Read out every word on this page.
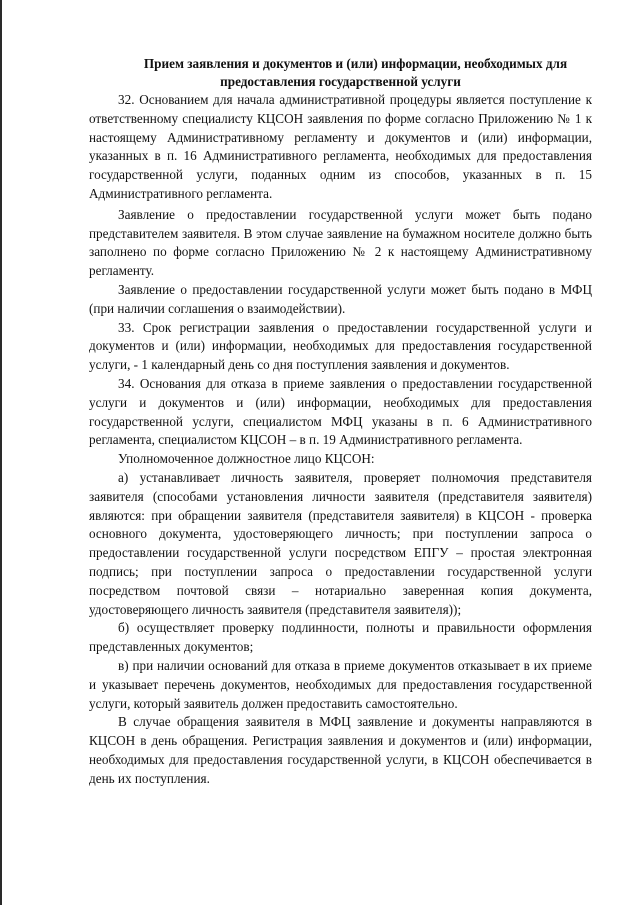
Прием заявления и документов и (или) информации, необходимых для предоставления государственной услуги

32. Основанием для начала административной процедуры является поступление к ответственному специалисту КЦСОН заявления по форме согласно Приложению № 1 к настоящему Административному регламенту и документов и (или) информации, указанных в п. 16 Административного регламента, необходимых для предоставления государственной услуги, поданных одним из способов, указанных в п. 15 Административного регламента.

Заявление о предоставлении государственной услуги может быть подано представителем заявителя. В этом случае заявление на бумажном носителе должно быть заполнено по форме согласно Приложению № 2 к настоящему Административному регламенту.

Заявление о предоставлении государственной услуги может быть подано в МФЦ (при наличии соглашения о взаимодействии).

33. Срок регистрации заявления о предоставлении государственной услуги и документов и (или) информации, необходимых для предоставления государственной услуги, - 1 календарный день со дня поступления заявления и документов.

34. Основания для отказа в приеме заявления о предоставлении государственной услуги и документов и (или) информации, необходимых для предоставления государственной услуги, специалистом МФЦ указаны в п. 6 Административного регламента, специалистом КЦСОН – в п. 19 Административного регламента.

Уполномоченное должностное лицо КЦСОН:

а) устанавливает личность заявителя, проверяет полномочия представителя заявителя (способами установления личности заявителя (представителя заявителя) являются: при обращении заявителя (представителя заявителя) в КЦСОН - проверка основного документа, удостоверяющего личность; при поступлении запроса о предоставлении государственной услуги посредством ЕПГУ – простая электронная подпись; при поступлении запроса о предоставлении государственной услуги посредством почтовой связи – нотариально заверенная копия документа, удостоверяющего личность заявителя (представителя заявителя));

б) осуществляет проверку подлинности, полноты и правильности оформления представленных документов;

в) при наличии оснований для отказа в приеме документов отказывает в их приеме и указывает перечень документов, необходимых для предоставления государственной услуги, который заявитель должен предоставить самостоятельно.

В случае обращения заявителя в МФЦ заявление и документы направляются в КЦСОН в день обращения. Регистрация заявления и документов и (или) информации, необходимых для предоставления государственной услуги, в КЦСОН обеспечивается в день их поступления.
